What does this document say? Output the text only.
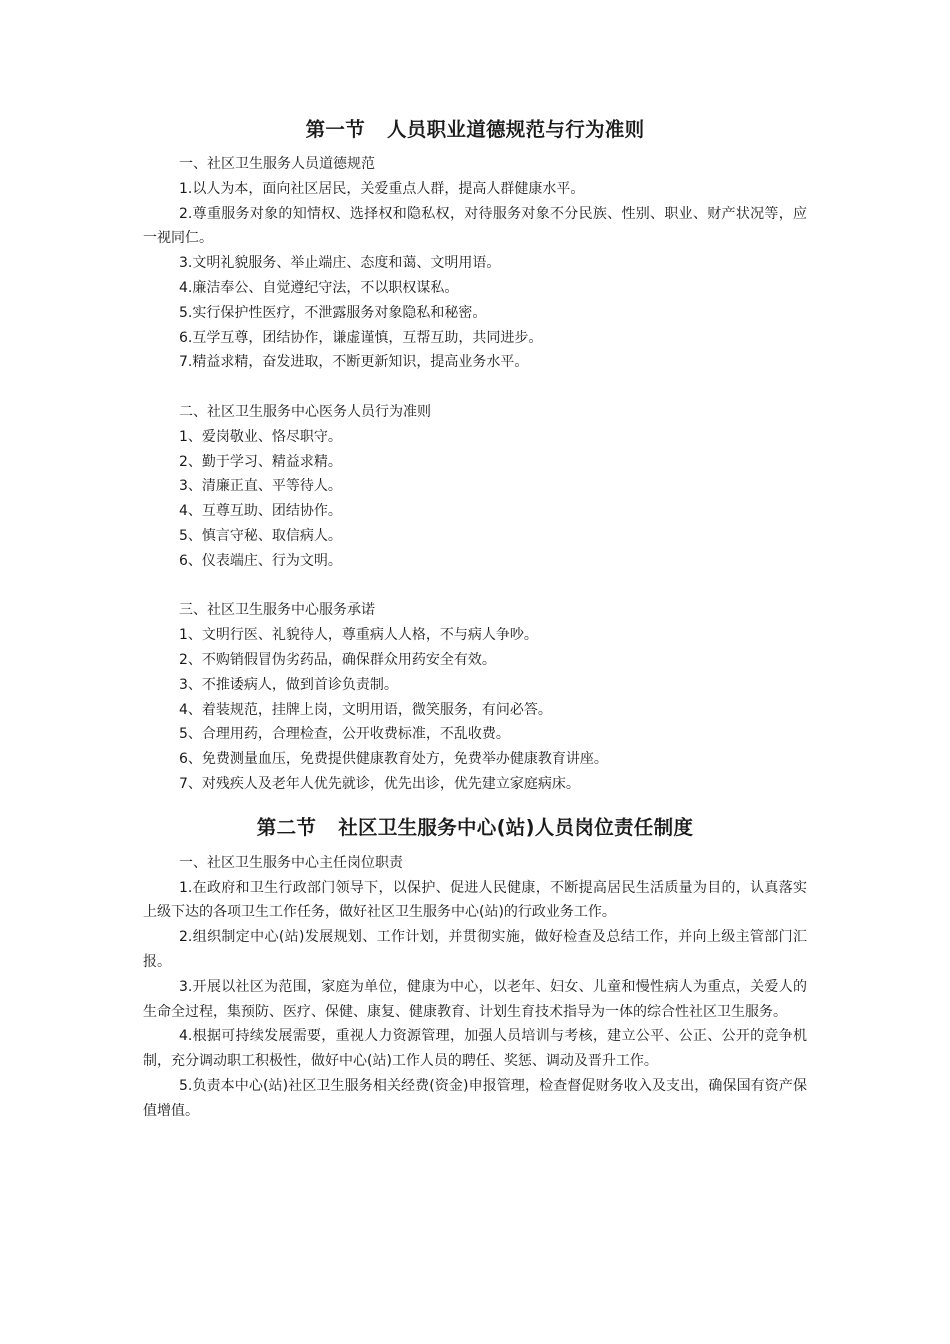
第一节 人员职业道德规范与行为准则

一、社区卫生服务人员道德规范

1.以人为本，面向社区居民，关爱重点人群，提高人群健康水平。
2.尊重服务对象的知情权、选择权和隐私权，对待服务对象不分民族、性别、职业、财产状况等，应一视同仁。
3.文明礼貌服务、举止端庄、态度和蔼、文明用语。
4.廉洁奉公、自觉遵纪守法，不以职权谋私。
5.实行保护性医疗，不泄露服务对象隐私和秘密。
6.互学互尊，团结协作，谦虚谨慎，互帮互助，共同进步。
7.精益求精，奋发进取，不断更新知识，提高业务水平。

二、社区卫生服务中心医务人员行为准则

1、爱岗敬业、恪尽职守。
2、勤于学习、精益求精。
3、清廉正直、平等待人。
4、互尊互助、团结协作。
5、慎言守秘、取信病人。
6、仪表端庄、行为文明。

三、社区卫生服务中心服务承诺

1、文明行医、礼貌待人，尊重病人人格，不与病人争吵。
2、不购销假冒伪劣药品，确保群众用药安全有效。
3、不推诿病人，做到首诊负责制。
4、着装规范，挂牌上岗，文明用语，微笑服务，有问必答。
5、合理用药，合理检查，公开收费标准，不乱收费。
6、免费测量血压，免费提供健康教育处方，免费举办健康教育讲座。
7、对残疾人及老年人优先就诊，优先出诊，优先建立家庭病床。
第二节 社区卫生服务中心(站)人员岗位责任制度

一、社区卫生服务中心主任岗位职责

1.在政府和卫生行政部门领导下，以保护、促进人民健康，不断提高居民生活质量为目的，认真落实上级下达的各项卫生工作任务，做好社区卫生服务中心(站)的行政业务工作。
2.组织制定中心(站)发展规划、工作计划，并贯彻实施，做好检查及总结工作，并向上级主管部门汇报。
3.开展以社区为范围，家庭为单位，健康为中心，以老年、妇女、儿童和慢性病人为重点，关爱人的生命全过程，集预防、医疗、保健、康复、健康教育、计划生育技术指导为一体的综合性社区卫生服务。
4.根据可持续发展需要，重视人力资源管理，加强人员培训与考核，建立公平、公正、公开的竞争机制，充分调动职工积极性，做好中心(站)工作人员的聘任、奖惩、调动及晋升工作。
5.负责本中心(站)社区卫生服务相关经费(资金)申报管理，检查督促财务收入及支出，确保国有资产保值增值。
